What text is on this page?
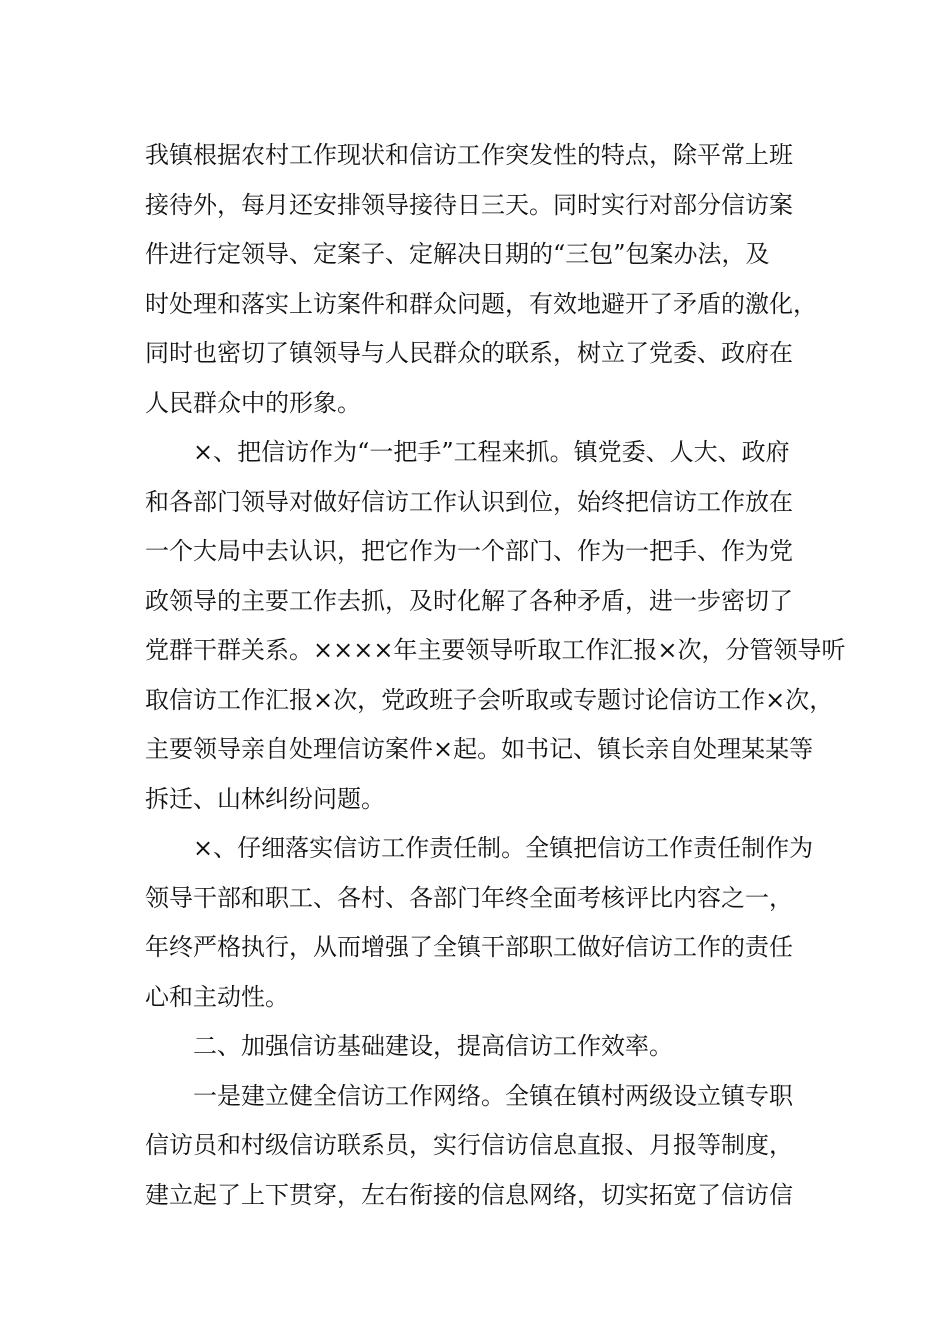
我镇根据农村工作现状和信访工作突发性的特点，除平常上班
接待外，每月还安排领导接待日三天。同时实行对部分信访案
件进行定领导、定案子、定解决日期的“三包”包案办法，及
时处理和落实上访案件和群众问题，有效地避开了矛盾的激化，
同时也密切了镇领导与人民群众的联系，树立了党委、政府在
人民群众中的形象。
×、把信访作为“一把手”工程来抓。镇党委、人大、政府
和各部门领导对做好信访工作认识到位，始终把信访工作放在
一个大局中去认识，把它作为一个部门、作为一把手、作为党
政领导的主要工作去抓，及时化解了各种矛盾，进一步密切了
党群干群关系。××××年主要领导听取工作汇报×次，分管领导听
取信访工作汇报×次，党政班子会听取或专题讨论信访工作×次，
主要领导亲自处理信访案件×起。如书记、镇长亲自处理某某等
拆迁、山林纠纷问题。
×、仔细落实信访工作责任制。全镇把信访工作责任制作为
领导干部和职工、各村、各部门年终全面考核评比内容之一，
年终严格执行，从而增强了全镇干部职工做好信访工作的责任
心和主动性。
二、加强信访基础建设，提高信访工作效率。
一是建立健全信访工作网络。全镇在镇村两级设立镇专职
信访员和村级信访联系员，实行信访信息直报、月报等制度，
建立起了上下贯穿，左右衔接的信息网络，切实拓宽了信访信
